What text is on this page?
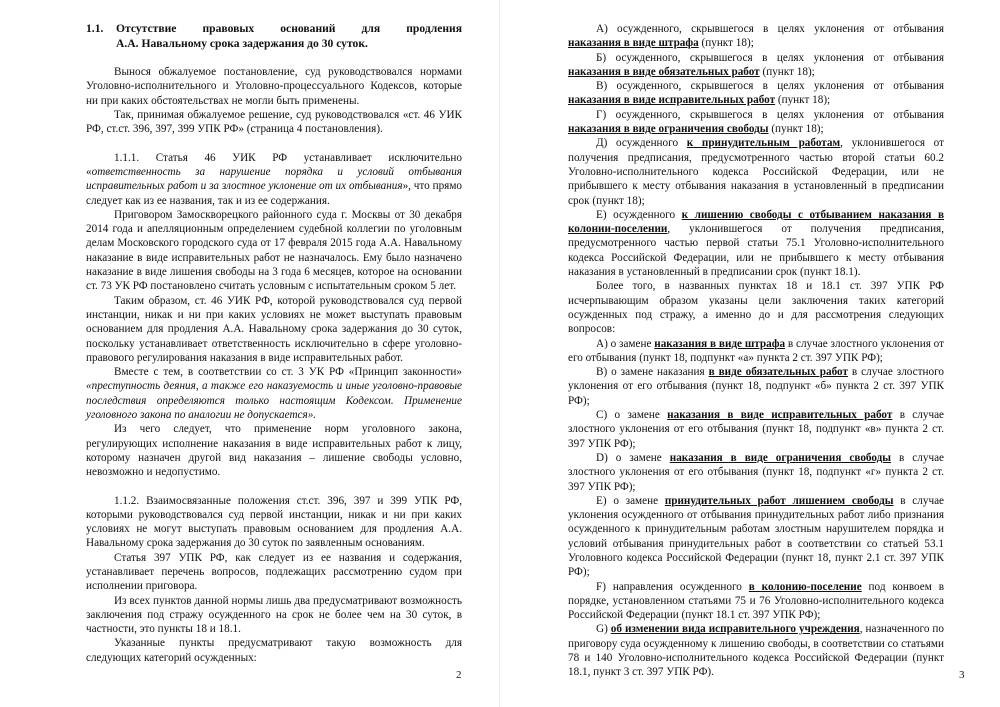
1.1. Отсутствие правовых оснований для продления
А.А. Навальному срока задержания до 30 суток.

Вынося обжалуемое постановление, суд руководствовался нормами Уголовно-исполнительного и Уголовно-процессуального Кодексов, которые ни при каких обстоятельствах не могли быть применены.

Так, принимая обжалуемое решение, суд руководствовался «ст. 46 УИК РФ, ст.ст. 396, 397, 399 УПК РФ» (страница 4 постановления).

1.1.1. Статья 46 УИК РФ устанавливает исключительно «ответственность за нарушение порядка и условий отбывания исправительных работ и за злостное уклонение от их отбывания», что прямо следует как из ее названия, так и из ее содержания.

Приговором Замоскворецкого районного суда г. Москвы от 30 декабря 2014 года и апелляционным определением судебной коллегии по уголовным делам Московского городского суда от 17 февраля 2015 года А.А. Навальному наказание в виде исправительных работ не назначалось. Ему было назначено наказание в виде лишения свободы на 3 года 6 месяцев, которое на основании ст. 73 УК РФ постановлено считать условным с испытательным сроком 5 лет.

Таким образом, ст. 46 УИК РФ, которой руководствовался суд первой инстанции, никак и ни при каких условиях не может выступать правовым основанием для продления А.А. Навальному срока задержания до 30 суток, поскольку устанавливает ответственность исключительно в сфере уголовно-правового регулирования наказания в виде исправительных работ.

Вместе с тем, в соответствии со ст. 3 УК РФ «Принцип законности» «преступность деяния, а также его наказуемость и иные уголовно-правовые последствия определяются только настоящим Кодексом. Применение уголовного закона по аналогии не допускается».

Из чего следует, что применение норм уголовного закона, регулирующих исполнение наказания в виде исправительных работ к лицу, которому назначен другой вид наказания – лишение свободы условно, невозможно и недопустимо.

1.1.2. Взаимосвязанные положения ст.ст. 396, 397 и 399 УПК РФ, которыми руководствовался суд первой инстанции, никак и ни при каких условиях не могут выступать правовым основанием для продления А.А. Навальному срока задержания до 30 суток по заявленным основаниям.

Статья 397 УПК РФ, как следует из ее названия и содержания, устанавливает перечень вопросов, подлежащих рассмотрению судом при исполнении приговора.

Из всех пунктов данной нормы лишь два предусматривают возможность заключения под стражу осужденного на срок не более чем на 30 суток, в частности, это пункты 18 и 18.1.

Указанные пункты предусматривают такую возможность для следующих категорий осужденных:

2

А) осужденного, скрывшегося в целях уклонения от отбывания наказания в виде штрафа (пункт 18);

Б) осужденного, скрывшегося в целях уклонения от отбывания наказания в виде обязательных работ (пункт 18);

В) осужденного, скрывшегося в целях уклонения от отбывания наказания в виде исправительных работ (пункт 18);

Г) осужденного, скрывшегося в целях уклонения от отбывания наказания в виде ограничения свободы (пункт 18);

Д) осужденного к принудительным работам, уклонившегося от получения предписания, предусмотренного частью второй статьи 60.2 Уголовно-исполнительного кодекса Российской Федерации, или не прибывшего к месту отбывания наказания в установленный в предписании срок (пункт 18);

Е) осужденного к лишению свободы с отбыванием наказания в колонии-поселении, уклонившегося от получения предписания, предусмотренного частью первой статьи 75.1 Уголовно-исполнительного кодекса Российской Федерации, или не прибывшего к месту отбывания наказания в установленный в предписании срок (пункт 18.1).

Более того, в названных пунктах 18 и 18.1 ст. 397 УПК РФ исчерпывающим образом указаны цели заключения таких категорий осужденных под стражу, а именно до и для рассмотрения следующих вопросов:

А) о замене наказания в виде штрафа в случае злостного уклонения от его отбывания (пункт 18, подпункт «а» пункта 2 ст. 397 УПК РФ);

В) о замене наказания в виде обязательных работ в случае злостного уклонения от его отбывания (пункт 18, подпункт «б» пункта 2 ст. 397 УПК РФ);

С) о замене наказания в виде исправительных работ в случае злостного уклонения от его отбывания (пункт 18, подпункт «в» пункта 2 ст. 397 УПК РФ);

D) о замене наказания в виде ограничения свободы в случае злостного уклонения от его отбывания (пункт 18, подпункт «г» пункта 2 ст. 397 УПК РФ);

Е) о замене принудительных работ лишением свободы в случае уклонения осужденного от отбывания принудительных работ либо признания осужденного к принудительным работам злостным нарушителем порядка и условий отбывания принудительных работ в соответствии со статьей 53.1 Уголовного кодекса Российской Федерации (пункт 18, пункт 2.1 ст. 397 УПК РФ);

F) направления осужденного в колонию-поселение под конвоем в порядке, установленном статьями 75 и 76 Уголовно-исполнительного кодекса Российской Федерации (пункт 18.1 ст. 397 УПК РФ);

G) об изменении вида исправительного учреждения, назначенного по приговору суда осужденному к лишению свободы, в соответствии со статьями 78 и 140 Уголовно-исполнительного кодекса Российской Федерации (пункт 18.1, пункт 3 ст. 397 УПК РФ).	3
